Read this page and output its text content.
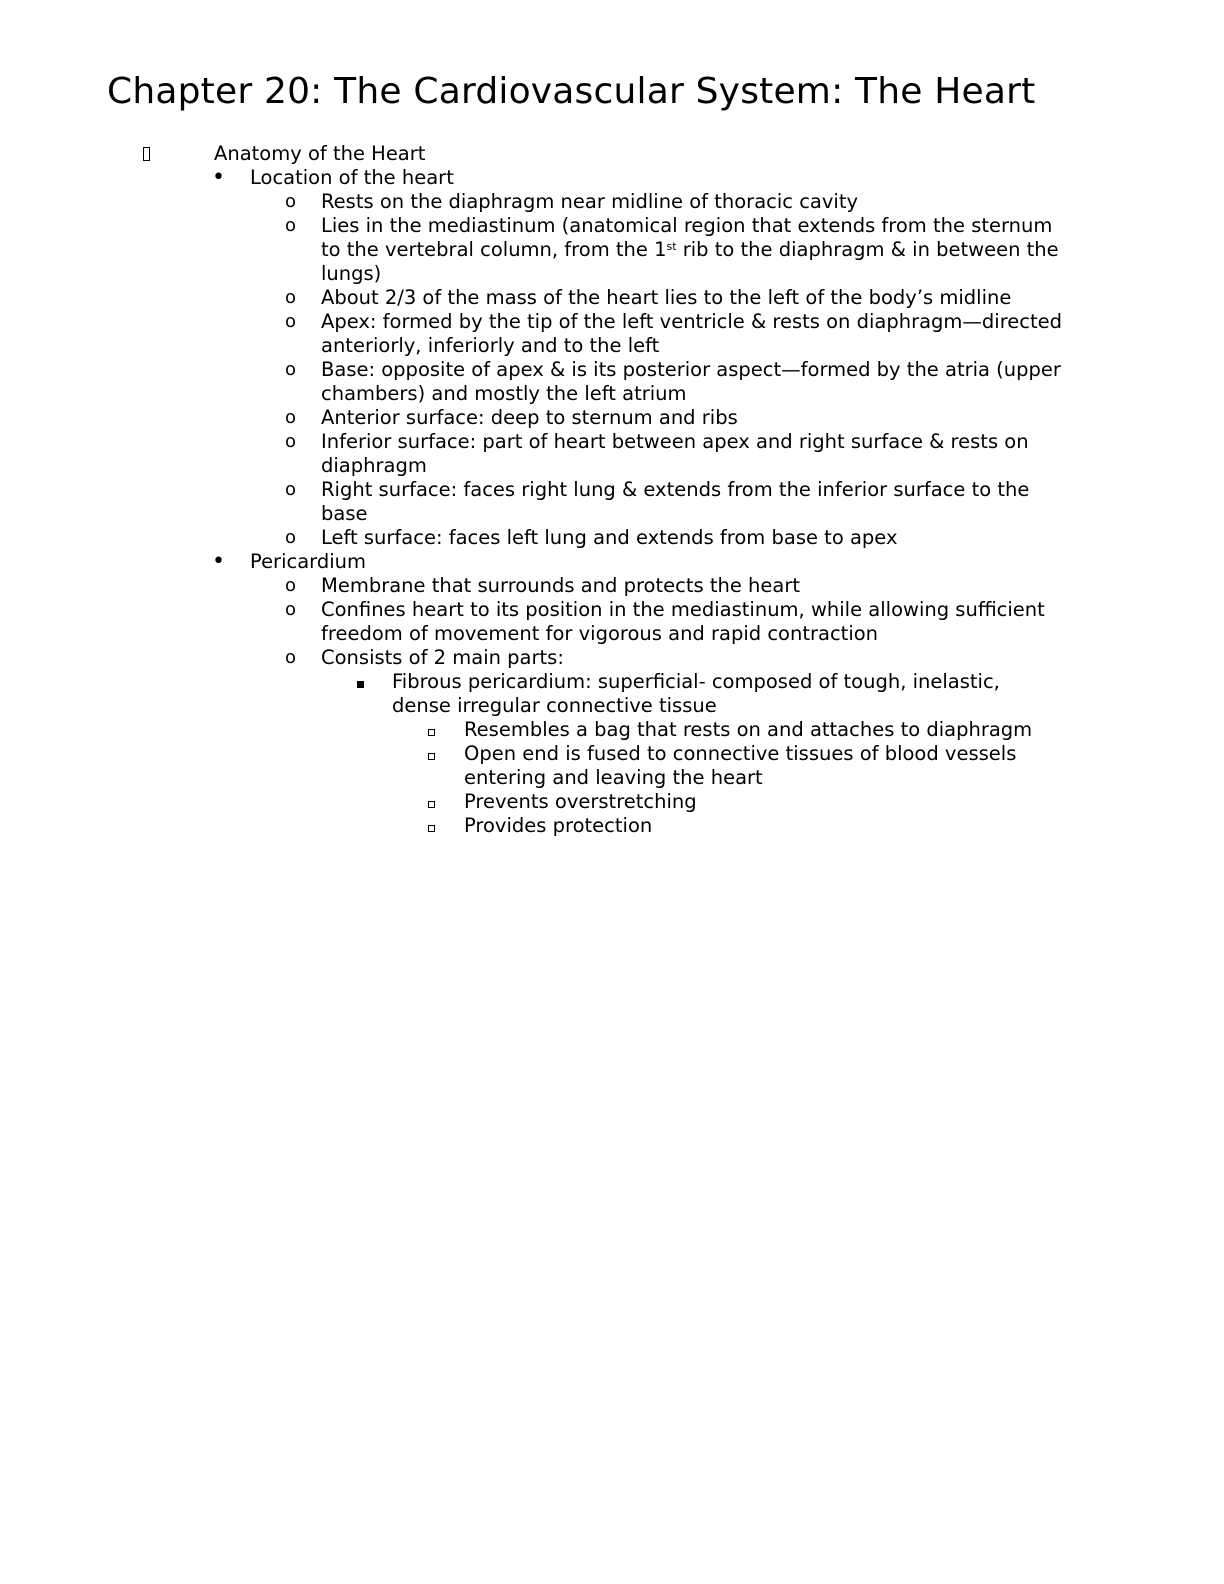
Chapter 20: The Cardiovascular System: The Heart
Anatomy of the Heart
• Location of the heart
o Rests on the diaphragm near midline of thoracic cavity
o Lies in the mediastinum (anatomical region that extends from the sternum to the vertebral column, from the 1st rib to the diaphragm & in between the lungs)
o About 2/3 of the mass of the heart lies to the left of the body’s midline
o Apex: formed by the tip of the left ventricle & rests on diaphragm—directed anteriorly, inferiorly and to the left
o Base: opposite of apex & is its posterior aspect—formed by the atria (upper chambers) and mostly the left atrium
o Anterior surface: deep to sternum and ribs
o Inferior surface: part of heart between apex and right surface & rests on diaphragm
o Right surface: faces right lung & extends from the inferior surface to the base
o Left surface: faces left lung and extends from base to apex
• Pericardium
o Membrane that surrounds and protects the heart
o Confines heart to its position in the mediastinum, while allowing sufficient freedom of movement for vigorous and rapid contraction
o Consists of 2 main parts:
Fibrous pericardium: superficial- composed of tough, inelastic, dense irregular connective tissue
Resembles a bag that rests on and attaches to diaphragm
Open end is fused to connective tissues of blood vessels entering and leaving the heart
Prevents overstretching
Provides protection
